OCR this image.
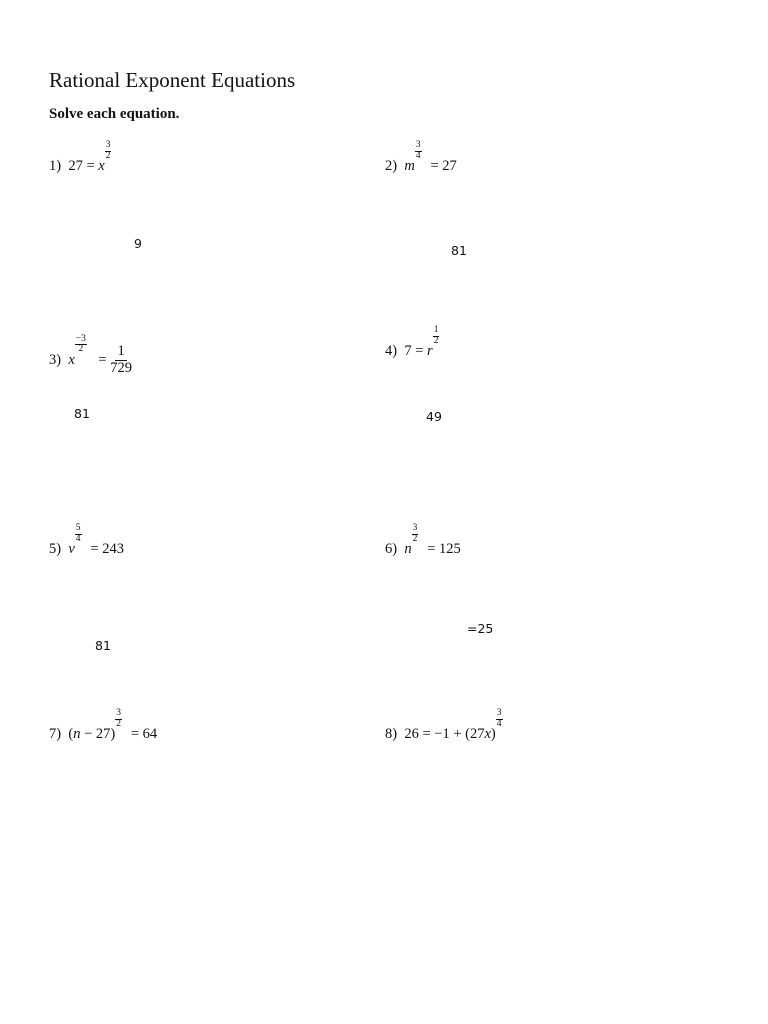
Rational Exponent Equations
Solve each equation.
1) 27 = x
$\frac{3}{2}$
9
2) m
$\frac{3}{4}$
= 27
81
3) x
$\frac{-3}{2}$
= $\frac{1}{729}$
81
4) 7 = r
$\frac{1}{2}$
49
5) v
$\frac{5}{4}$
= 243
81
6) n
$\frac{3}{2}$
= 125
=25
7) (n − 27)
$\frac{3}{2}$
= 64	8) 26 = −1 + (27x)
$\frac{3}{4}$
